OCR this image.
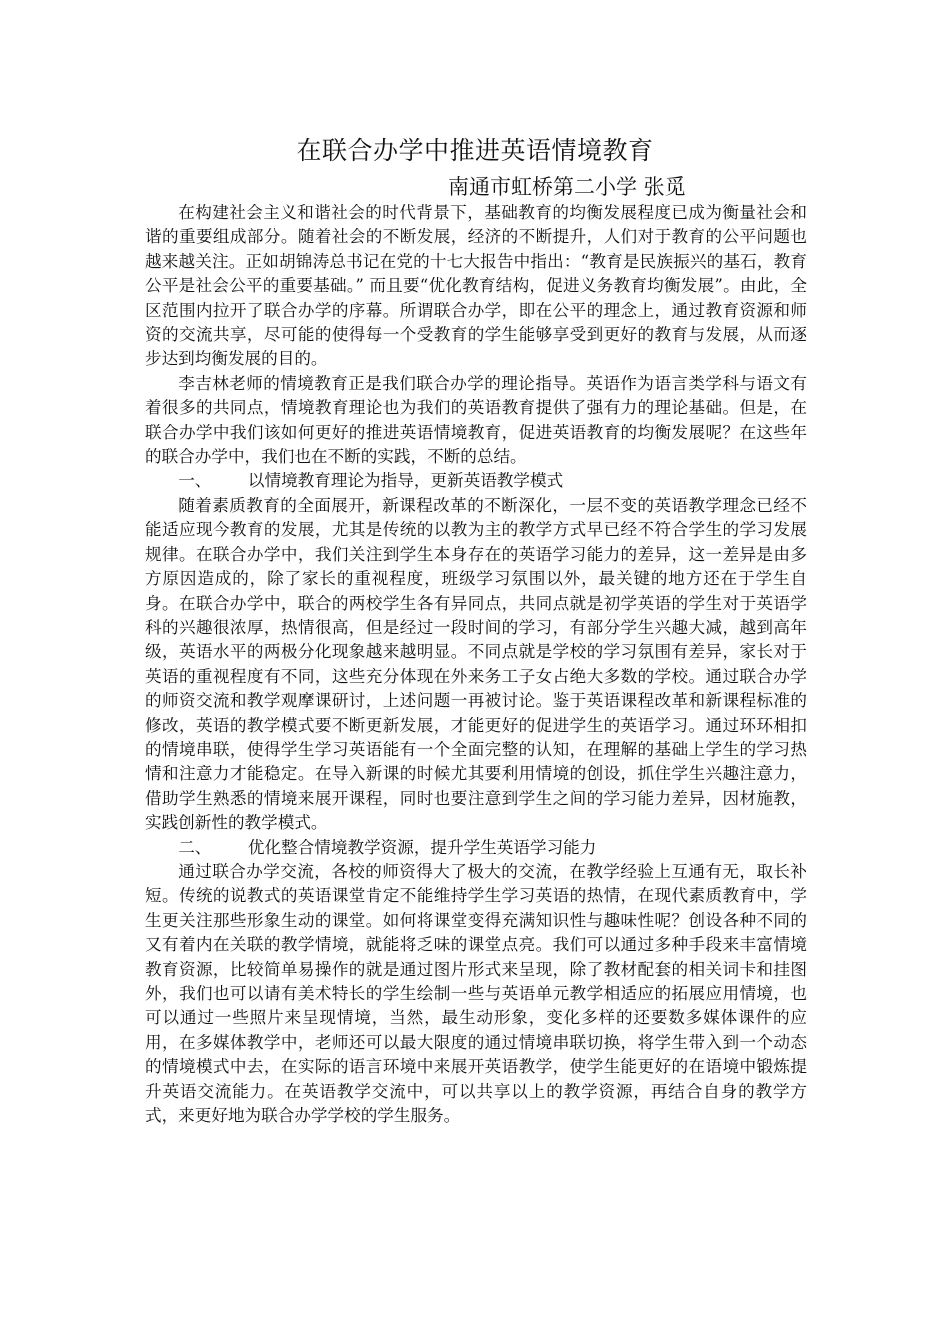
在联合办学中推进英语情境教育
南通市虹桥第二小学 张觅

在构建社会主义和谐社会的时代背景下，基础教育的均衡发展程度已成为衡量社会和谐的重要组成部分。随着社会的不断发展，经济的不断提升，人们对于教育的公平问题也越来越关注。正如胡锦涛总书记在党的十七大报告中指出：“教育是民族振兴的基石，教育公平是社会公平的重要基础。” 而且要“优化教育结构，促进义务教育均衡发展”。由此，全区范围内拉开了联合办学的序幕。所谓联合办学，即在公平的理念上，通过教育资源和师资的交流共享，尽可能的使得每一个受教育的学生能够享受到更好的教育与发展，从而逐步达到均衡发展的目的。

李吉林老师的情境教育正是我们联合办学的理论指导。英语作为语言类学科与语文有着很多的共同点，情境教育理论也为我们的英语教育提供了强有力的理论基础。但是，在联合办学中我们该如何更好的推进英语情境教育，促进英语教育的均衡发展呢？在这些年的联合办学中，我们也在不断的实践，不断的总结。

一、 以情境教育理论为指导，更新英语教学模式

随着素质教育的全面展开，新课程改革的不断深化，一层不变的英语教学理念已经不能适应现今教育的发展，尤其是传统的以教为主的教学方式早已经不符合学生的学习发展规律。在联合办学中，我们关注到学生本身存在的英语学习能力的差异，这一差异是由多方原因造成的，除了家长的重视程度，班级学习氛围以外，最关键的地方还在于学生自身。在联合办学中，联合的两校学生各有异同点，共同点就是初学英语的学生对于英语学科的兴趣很浓厚，热情很高，但是经过一段时间的学习，有部分学生兴趣大减，越到高年级，英语水平的两极分化现象越来越明显。不同点就是学校的学习氛围有差异，家长对于英语的重视程度有不同，这些充分体现在外来务工子女占绝大多数的学校。通过联合办学的师资交流和教学观摩课研讨，上述问题一再被讨论。鉴于英语课程改革和新课程标准的修改，英语的教学模式要不断更新发展，才能更好的促进学生的英语学习。通过环环相扣的情境串联，使得学生学习英语能有一个全面完整的认知，在理解的基础上学生的学习热情和注意力才能稳定。在导入新课的时候尤其要利用情境的创设，抓住学生兴趣注意力，借助学生熟悉的情境来展开课程，同时也要注意到学生之间的学习能力差异，因材施教，实践创新性的教学模式。

二、 优化整合情境教学资源，提升学生英语学习能力

通过联合办学交流，各校的师资得大了极大的交流，在教学经验上互通有无，取长补短。传统的说教式的英语课堂肯定不能维持学生学习英语的热情，在现代素质教育中，学生更关注那些形象生动的课堂。如何将课堂变得充满知识性与趣味性呢？创设各种不同的又有着内在关联的教学情境，就能将乏味的课堂点亮。我们可以通过多种手段来丰富情境教育资源，比较简单易操作的就是通过图片形式来呈现，除了教材配套的相关词卡和挂图外，我们也可以请有美术特长的学生绘制一些与英语单元教学相适应的拓展应用情境，也可以通过一些照片来呈现情境，当然，最生动形象，变化多样的还要数多媒体课件的应用，在多媒体教学中，老师还可以最大限度的通过情境串联切换，将学生带入到一个动态的情境模式中去，在实际的语言环境中来展开英语教学，使学生能更好的在语境中锻炼提升英语交流能力。在英语教学交流中，可以共享以上的教学资源，再结合自身的教学方式，来更好地为联合办学学校的学生服务。
